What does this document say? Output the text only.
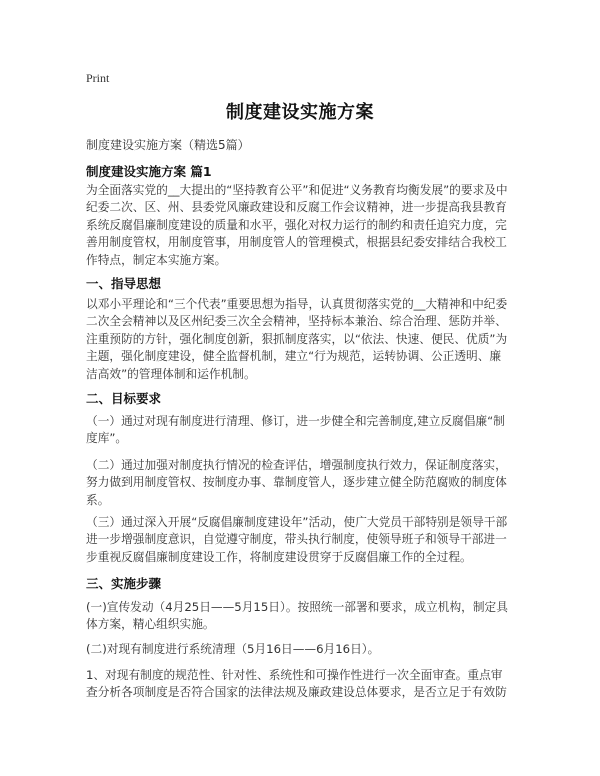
Print
制度建设实施方案
制度建设实施方案（精选5篇）
制度建设实施方案 篇1
为全面落实党的__大提出的“坚持教育公平”和促进“义务教育均衡发展”的要求及中
纪委二次、区、州、县委党风廉政建设和反腐工作会议精神，进一步提高我县教育
系统反腐倡廉制度建设的质量和水平，强化对权力运行的制约和责任追究力度，完
善用制度管权，用制度管事，用制度管人的管理模式，根据县纪委安排结合我校工
作特点，制定本实施方案。
一、指导思想
以邓小平理论和“三个代表”重要思想为指导，认真贯彻落实党的__大精神和中纪委
二次全会精神以及区州纪委三次全会精神，坚持标本兼治、综合治理、惩防并举、
注重预防的方针，强化制度创新，狠抓制度落实，以“依法、快速、便民、优质”为
主题，强化制度建设，健全监督机制，建立“行为规范，运转协调、公正透明、廉
洁高效”的管理体制和运作机制。
二、目标要求
（一）通过对现有制度进行清理、修订，进一步健全和完善制度,建立反腐倡廉“制
度库”。
（二）通过加强对制度执行情况的检查评估，增强制度执行效力，保证制度落实，
努力做到用制度管权、按制度办事、靠制度管人，逐步建立健全防范腐败的制度体
系。
（三）通过深入开展“反腐倡廉制度建设年”活动，使广大党员干部特别是领导干部
进一步增强制度意识，自觉遵守制度，带头执行制度，使领导班子和领导干部进一
步重视反腐倡廉制度建设工作，将制度建设贯穿于反腐倡廉工作的全过程。
三、实施步骤
(一)宣传发动（4月25日——5月15日）。按照统一部署和要求，成立机构，制定具
体方案，精心组织实施。
(二)对现有制度进行系统清理（5月16日——6月16日）。
1、对现有制度的规范性、针对性、系统性和可操作性进行一次全面审查。重点审
查分析各项制度是否符合国家的法律法规及廉政建设总体要求，是否立足于有效防
